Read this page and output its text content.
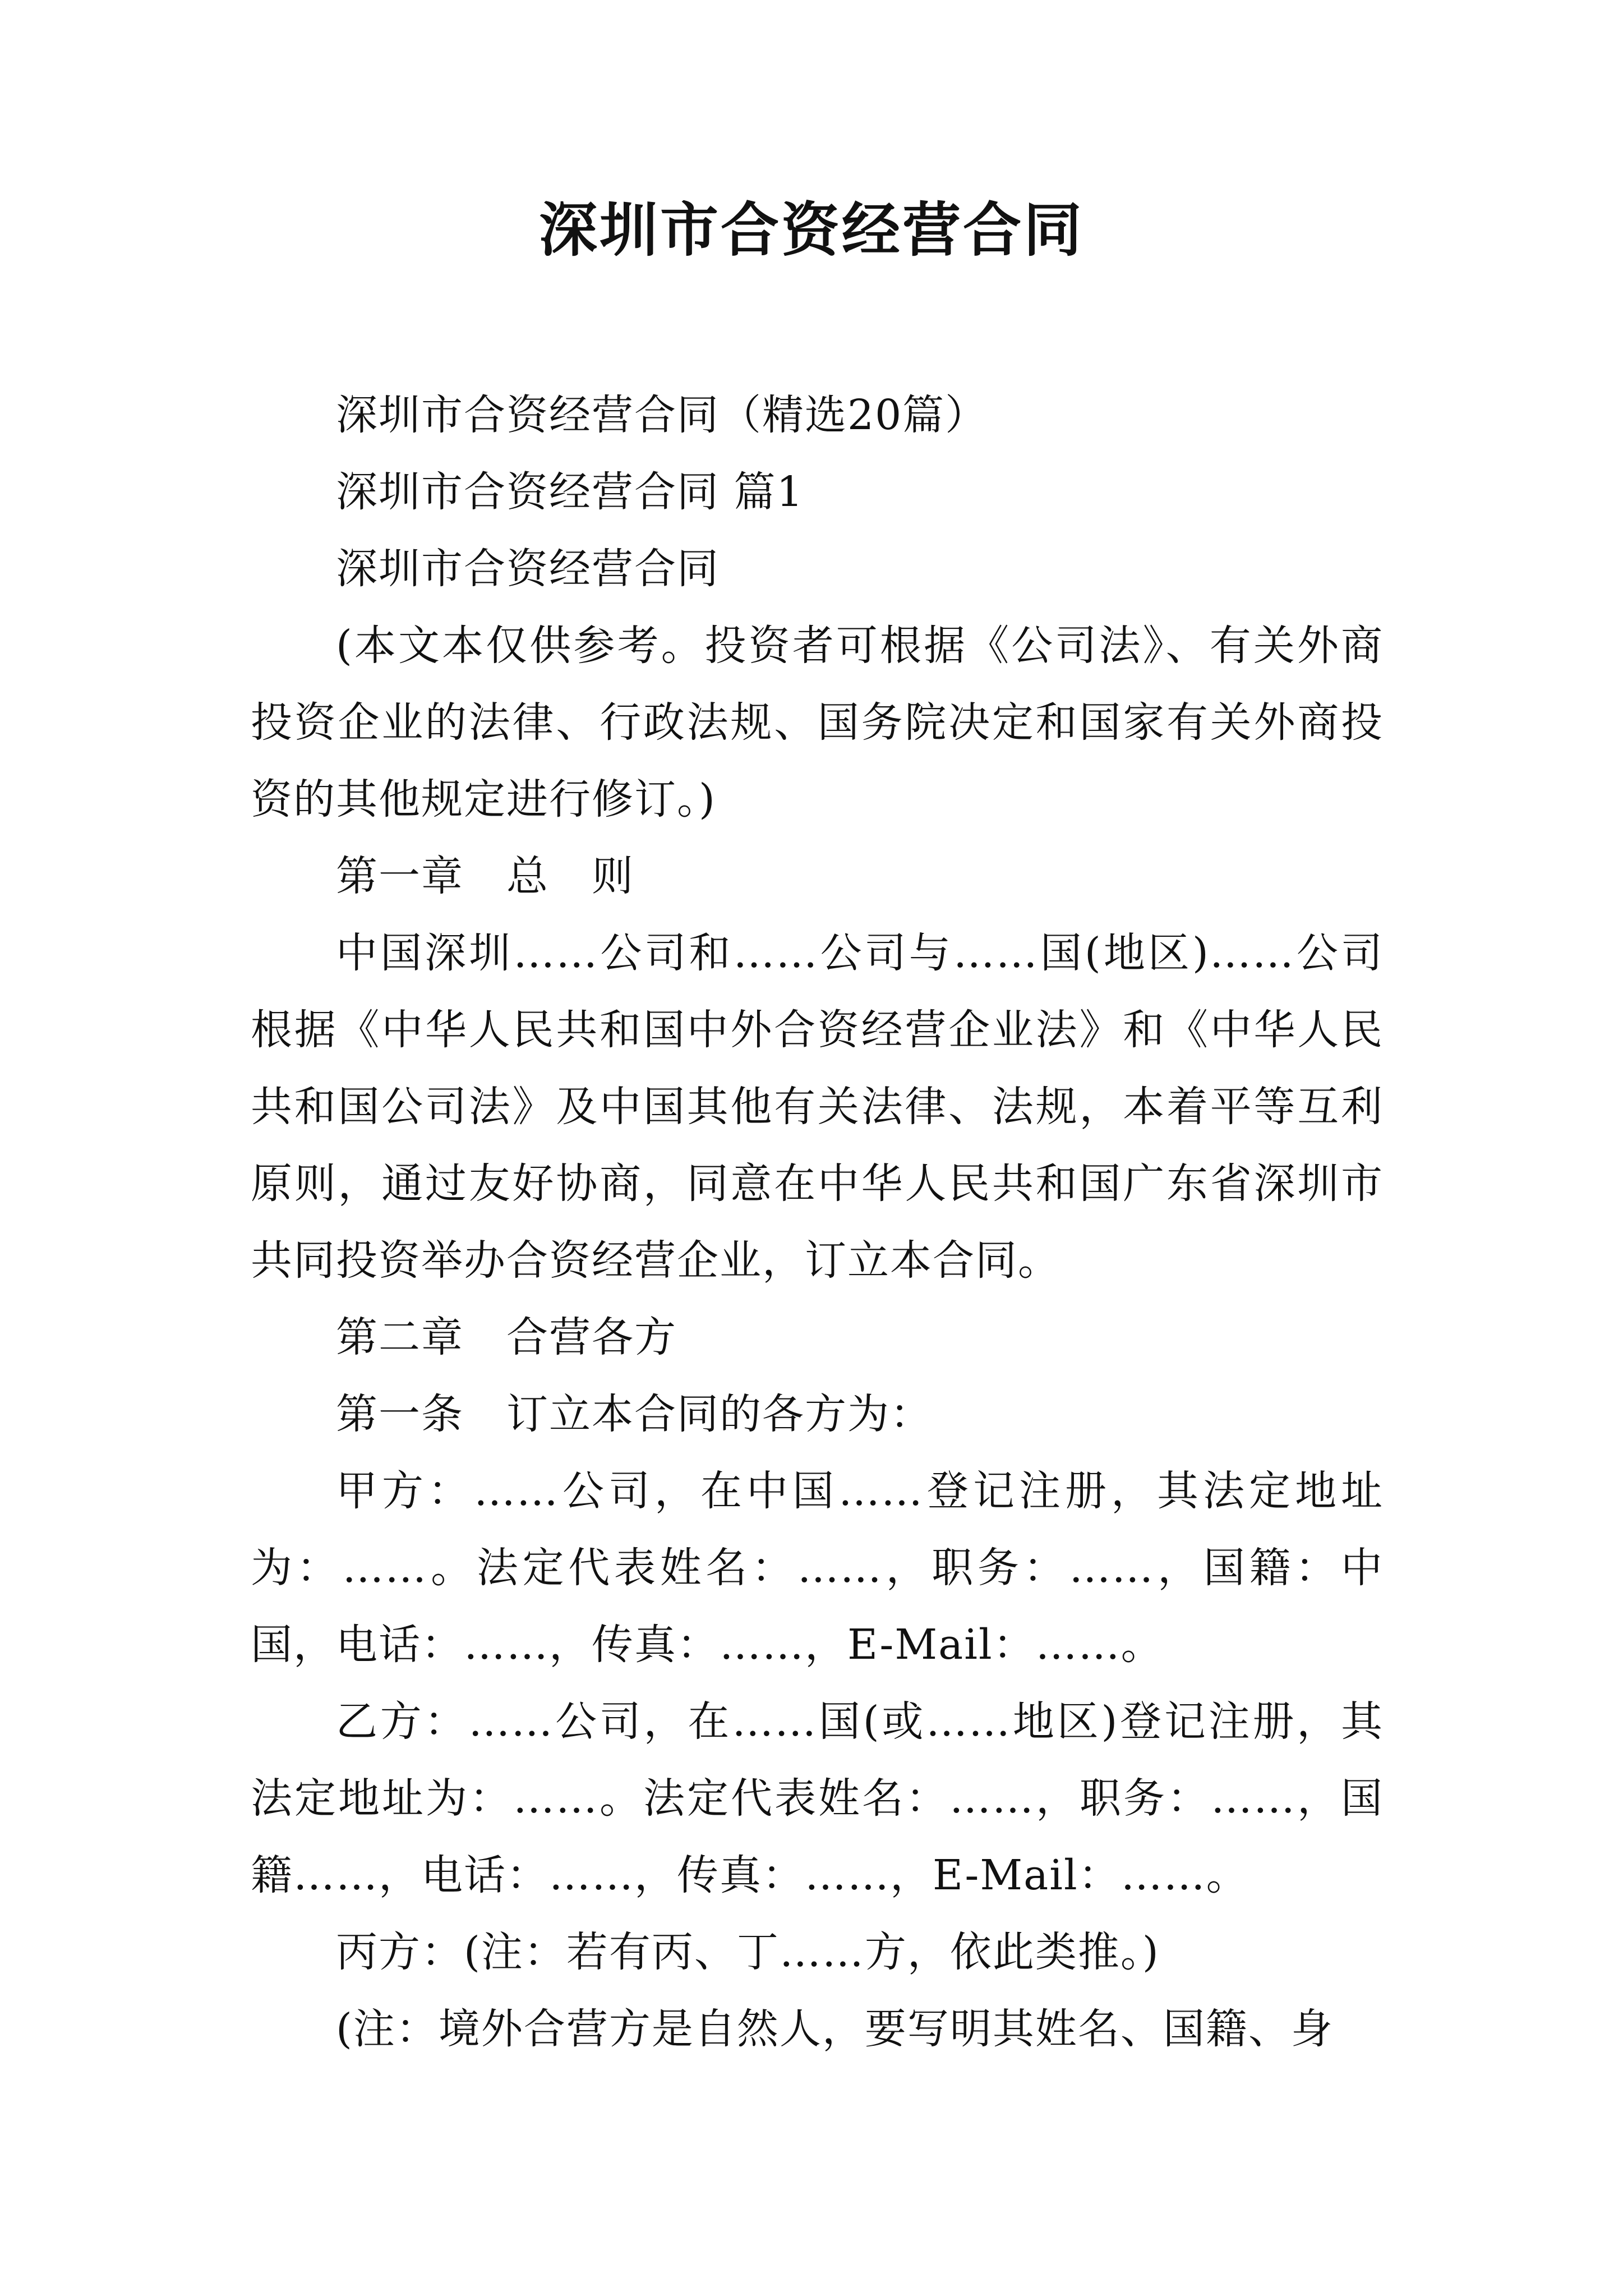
深圳市合资经营合同

深圳市合资经营合同（精选20篇）

深圳市合资经营合同 篇1

深圳市合资经营合同

(本文本仅供参考。投资者可根据《公司法》、有关外商投资企业的法律、行政法规、国务院决定和国家有关外商投资的其他规定进行修订。)

第一章　总　则

中国深圳……公司和……公司与……国(地区)……公司根据《中华人民共和国中外合资经营企业法》和《中华人民共和国公司法》及中国其他有关法律、法规，本着平等互利原则，通过友好协商，同意在中华人民共和国广东省深圳市共同投资举办合资经营企业，订立本合同。

第二章　合营各方

第一条　订立本合同的各方为：

甲方：……公司，在中国……登记注册，其法定地址为：……。法定代表姓名：……，职务：……，国籍：中国，电话：……，传真：……，E-Mail：……。

乙方：……公司，在……国(或……地区)登记注册，其法定地址为：……。法定代表姓名：……，职务：……，国籍……，电话：……，传真：……，E-Mail：……。

丙方：(注：若有丙、丁……方，依此类推。)

(注：境外合营方是自然人，要写明其姓名、国籍、身
